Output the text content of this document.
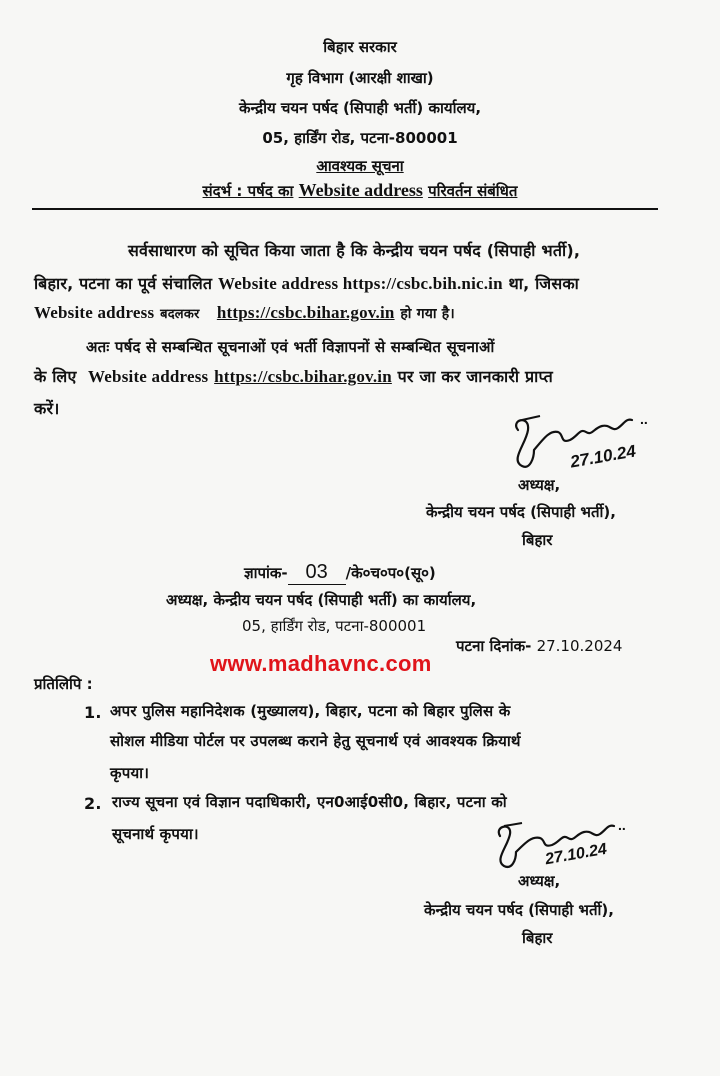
बिहार सरकार
गृह विभाग (आरक्षी शाखा)
केन्द्रीय चयन पर्षद (सिपाही भर्ती) कार्यालय,
05, हार्डिंग रोड, पटना-800001
आवश्यक सूचना
संदर्भ : पर्षद का Website address परिवर्तन संबंधित
सर्वसाधारण को सूचित किया जाता है कि केन्द्रीय चयन पर्षद (सिपाही भर्ती),
बिहार, पटना का पूर्व संचालित Website address https://csbc.bih.nic.in था, जिसका
Website address बदलकर https://csbc.bihar.gov.in हो गया है।
अतः पर्षद से सम्बन्धित सूचनाओं एवं भर्ती विज्ञापनों से सम्बन्धित सूचनाओं
के लिए Website address https://csbc.bihar.gov.in पर जा कर जानकारी प्राप्त
करें।
..
27.10.24
अध्यक्ष,
केन्द्रीय चयन पर्षद (सिपाही भर्ती),
बिहार
ज्ञापांक- 03 /के०च०प०(सू०)
अध्यक्ष, केन्द्रीय चयन पर्षद (सिपाही भर्ती) का कार्यालय,
05, हार्डिंग रोड, पटना-800001
पटना दिनांक- 27.10.2024
www.madhavnc.com
प्रतिलिपि :
1. अपर पुलिस महानिदेशक (मुख्यालय), बिहार, पटना को बिहार पुलिस के
सोशल मीडिया पोर्टल पर उपलब्ध कराने हेतु सूचनार्थ एवं आवश्यक क्रियार्थ
कृपया।
2. राज्य सूचना एवं विज्ञान पदाधिकारी, एन0आई0सी0, बिहार, पटना को
सूचनार्थ कृपया।	..
27.10.24
अध्यक्ष,
केन्द्रीय चयन पर्षद (सिपाही भर्ती),
बिहार
